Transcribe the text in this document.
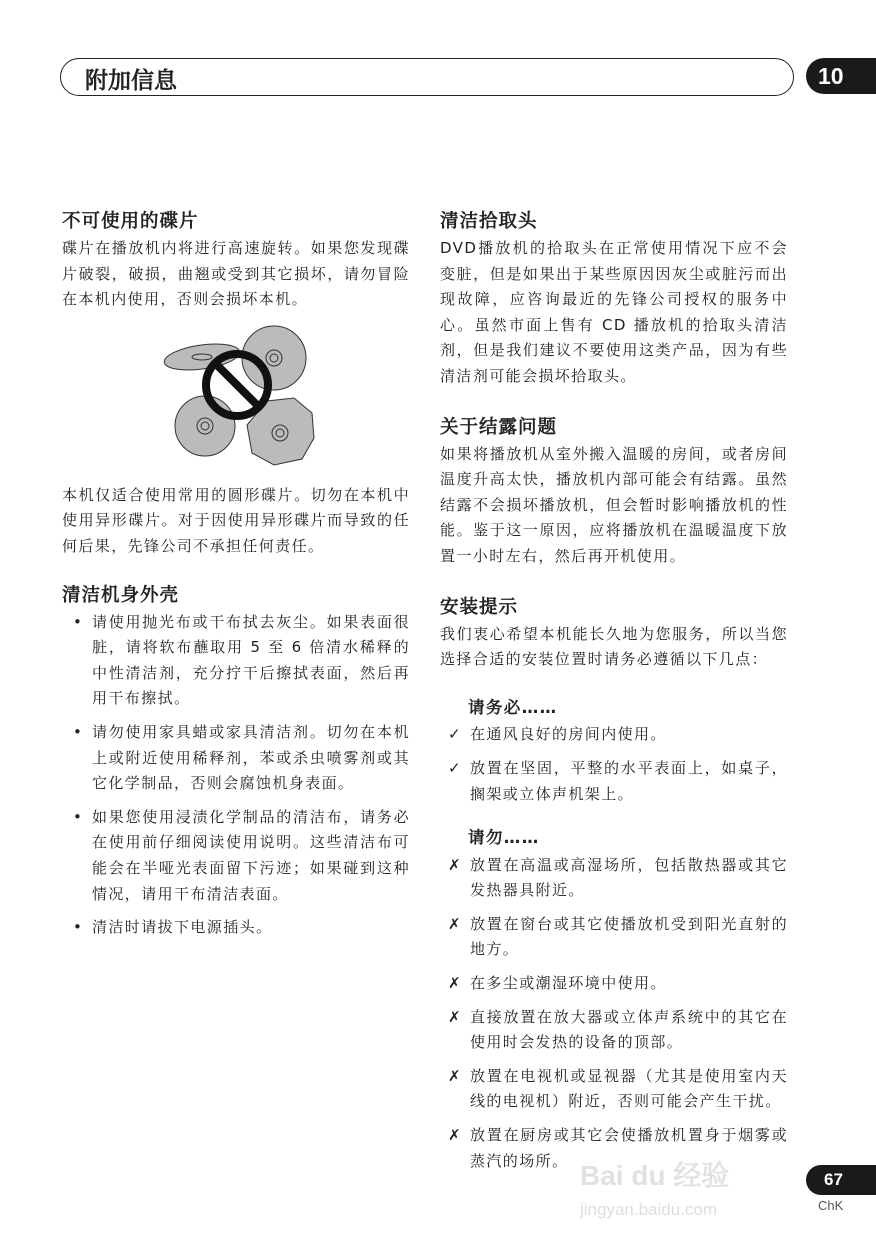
附加信息	10
不可使用的碟片

碟片在播放机内将进行高速旋转。如果您发现碟片破裂，破损，曲翘或受到其它损坏，请勿冒险在本机内使用，否则会损坏本机。

本机仅适合使用常用的圆形碟片。切勿在本机中使用异形碟片。对于因使用异形碟片而导致的任何后果，先锋公司不承担任何责任。

清洁机身外壳
• 请使用抛光布或干布拭去灰尘。如果表面很脏，请将软布蘸取用 5 至 6 倍清水稀释的中性清洁剂，充分拧干后擦拭表面，然后再用干布擦拭。
• 请勿使用家具蜡或家具清洁剂。切勿在本机上或附近使用稀释剂，苯或杀虫喷雾剂或其它化学制品，否则会腐蚀机身表面。
• 如果您使用浸渍化学制品的清洁布，请务必在使用前仔细阅读使用说明。这些清洁布可能会在半哑光表面留下污迹；如果碰到这种情况，请用干布清洁表面。
• 清洁时请拔下电源插头。
清洁拾取头

DVD播放机的拾取头在正常使用情况下应不会变脏，但是如果出于某些原因因灰尘或脏污而出现故障，应咨询最近的先锋公司授权的服务中心。虽然市面上售有 CD 播放机的拾取头清洁剂，但是我们建议不要使用这类产品，因为有些清洁剂可能会损坏拾取头。

关于结露问题

如果将播放机从室外搬入温暖的房间，或者房间温度升高太快，播放机内部可能会有结露。虽然结露不会损坏播放机，但会暂时影响播放机的性能。鉴于这一原因，应将播放机在温暖温度下放置一小时左右，然后再开机使用。

安装提示

我们衷心希望本机能长久地为您服务，所以当您选择合适的安装位置时请务必遵循以下几点：

请务必……
✓ 在通风良好的房间内使用。
✓ 放置在坚固，平整的水平表面上，如桌子，搁架或立体声机架上。
请勿……
✗ 放置在高温或高湿场所，包括散热器或其它发热器具附近。
✗ 放置在窗台或其它使播放机受到阳光直射的地方。
✗ 在多尘或潮湿环境中使用。
✗ 直接放置在放大器或立体声系统中的其它在使用时会发热的设备的顶部。
✗ 放置在电视机或显视器（尤其是使用室内天线的电视机）附近，否则可能会产生干扰。
✗ 放置在厨房或其它会使播放机置身于烟雾或蒸汽的场所。 Bai du 经验
jingyan.baidu.com
67
ChK
